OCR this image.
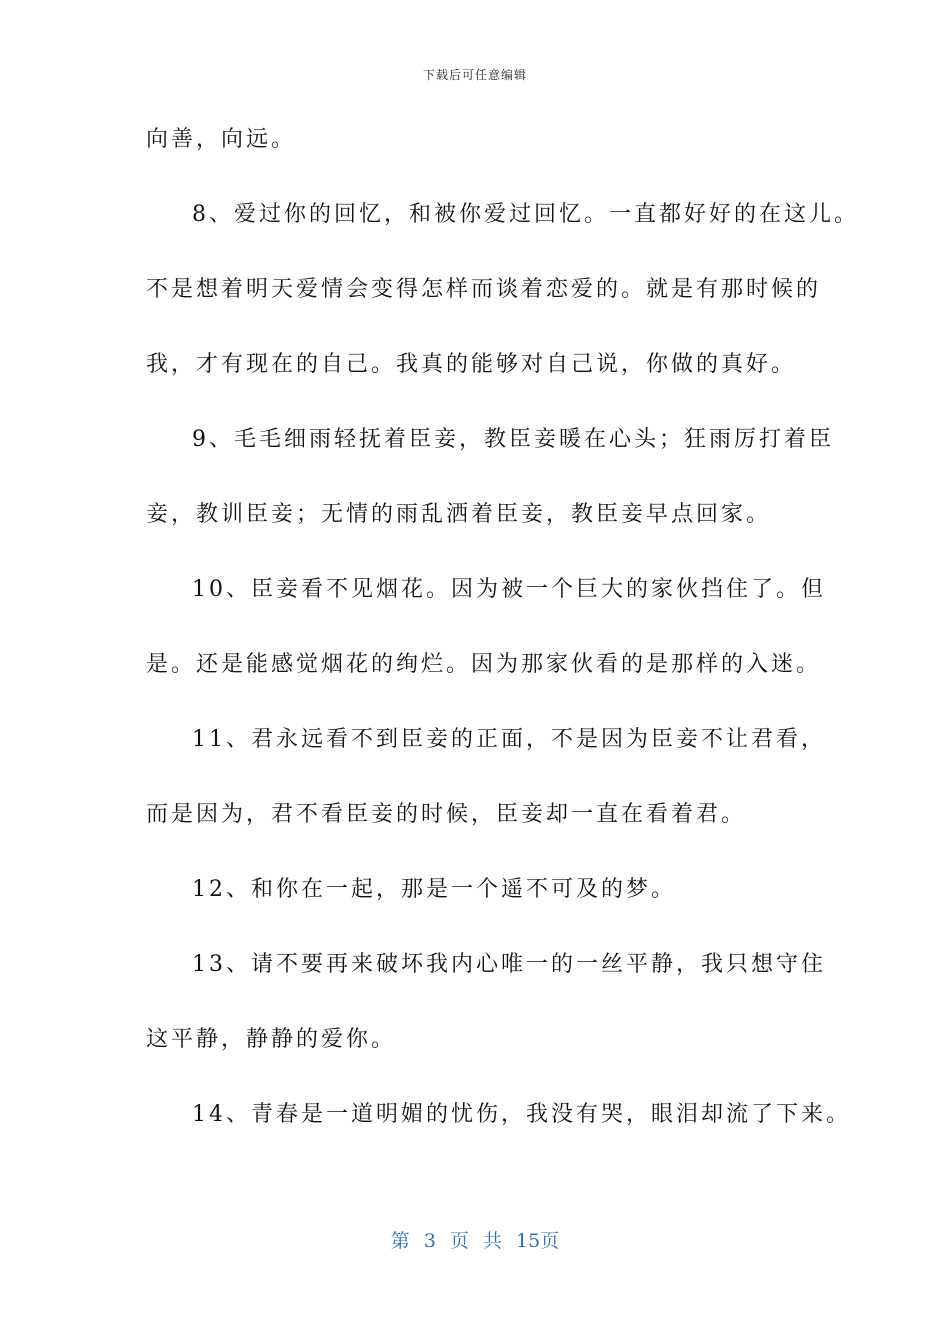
下载后可任意编辑

向善，向远。

8、爱过你的回忆，和被你爱过回忆。一直都好好的在这儿。

不是想着明天爱情会变得怎样而谈着恋爱的。就是有那时候的

我，才有现在的自己。我真的能够对自己说，你做的真好。

9、毛毛细雨轻抚着臣妾，教臣妾暖在心头；狂雨厉打着臣

妾，教训臣妾；无情的雨乱洒着臣妾，教臣妾早点回家。

10、臣妾看不见烟花。因为被一个巨大的家伙挡住了。但

是。还是能感觉烟花的绚烂。因为那家伙看的是那样的入迷。

11、君永远看不到臣妾的正面，不是因为臣妾不让君看，

而是因为，君不看臣妾的时候，臣妾却一直在看着君。

12、和你在一起，那是一个遥不可及的梦。

13、请不要再来破坏我内心唯一的一丝平静，我只想守住

这平静，静静的爱你。

14、青春是一道明媚的忧伤，我没有哭，眼泪却流了下来。

第 3 页 共 15页
